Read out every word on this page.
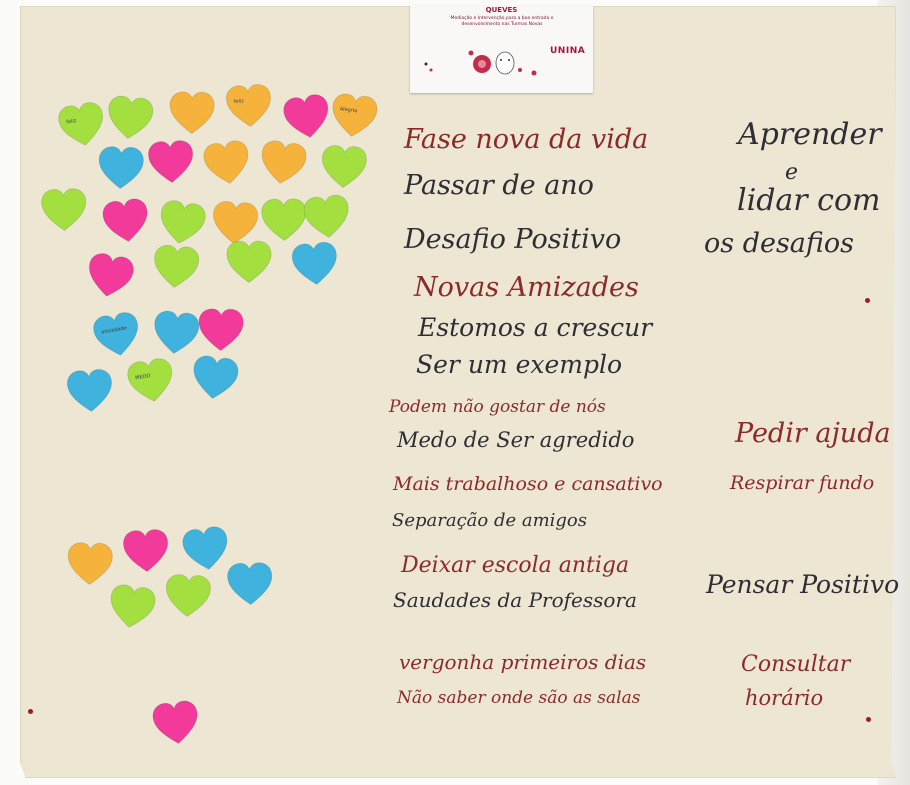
QUEVES
Mediação e Intervenção para a boa entrada e desenvolvimento nas Turmas Novas
UNINA
feliz
feliz
Alegria
ansiedade
MEDO
Fase nova da vida
Passar de ano
Desafio Positivo
Novas Amizades
Estomos a crescur
Ser um exemplo
Podem não gostar de nós
Medo de Ser agredido
Mais trabalhoso e cansativo
Separação de amigos
Deixar escola antiga
Saudades da Professora
vergonha primeiros dias
Não saber onde são as salas
Aprender
e
lidar com
os desafios
Pedir ajuda
Respirar fundo
Pensar Positivo
Consultar
horário
